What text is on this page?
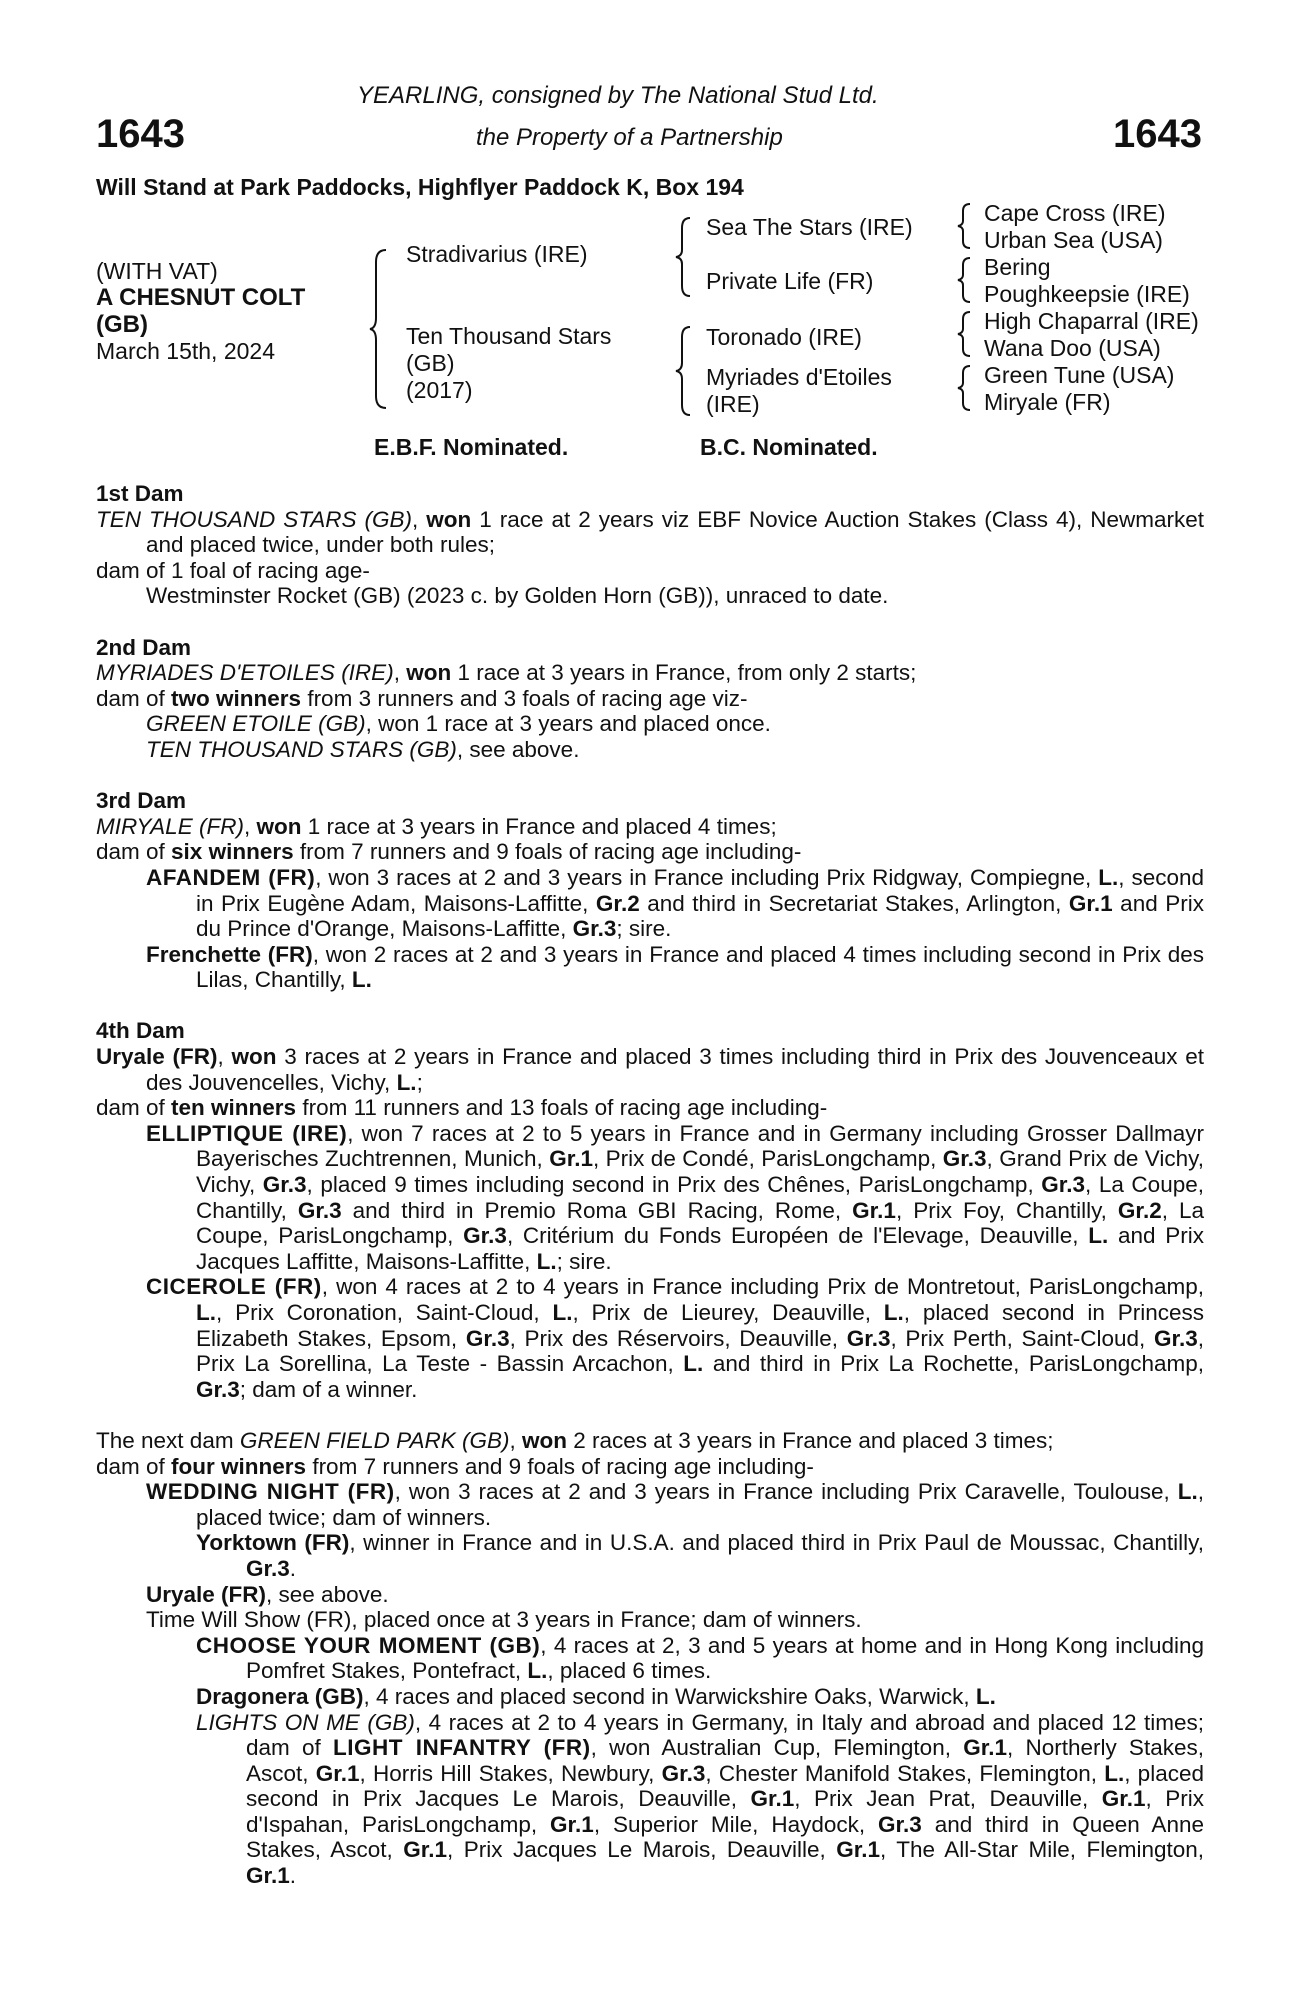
1643	1643
YEARLING, consigned by The National Stud Ltd.
the Property of a Partnership
Will Stand at Park Paddocks, Highflyer Paddock K, Box 194
(WITH VAT)
A CHESNUT COLT
(GB)
March 15th, 2024
Stradivarius (IRE)
Ten Thousand Stars
(GB)
(2017)
Sea The Stars (IRE)
Private Life (FR)
Toronado (IRE)
Myriades d'Etoiles
(IRE)
Cape Cross (IRE)
Urban Sea (USA)
Bering
Poughkeepsie (IRE)
High Chaparral (IRE)
Wana Doo (USA)
Green Tune (USA)
Miryale (FR)
E.B.F. Nominated.	B.C. Nominated.
1st Dam
TEN THOUSAND STARS (GB), won 1 race at 2 years viz EBF Novice Auction Stakes (Class 4), Newmarket and placed twice, under both rules;
dam of 1 foal of racing age-
Westminster Rocket (GB) (2023 c. by Golden Horn (GB)), unraced to date.
2nd Dam
MYRIADES D'ETOILES (IRE), won 1 race at 3 years in France, from only 2 starts;
dam of two winners from 3 runners and 3 foals of racing age viz-
GREEN ETOILE (GB), won 1 race at 3 years and placed once.
TEN THOUSAND STARS (GB), see above.
3rd Dam
MIRYALE (FR), won 1 race at 3 years in France and placed 4 times;
dam of six winners from 7 runners and 9 foals of racing age including-
AFANDEM (FR), won 3 races at 2 and 3 years in France including Prix Ridgway, Compiegne, L., second in Prix Eugène Adam, Maisons-Laffitte, Gr.2 and third in Secretariat Stakes, Arlington, Gr.1 and Prix du Prince d'Orange, Maisons-Laffitte, Gr.3; sire.
Frenchette (FR), won 2 races at 2 and 3 years in France and placed 4 times including second in Prix des Lilas, Chantilly, L.
4th Dam
Uryale (FR), won 3 races at 2 years in France and placed 3 times including third in Prix des Jouvenceaux et des Jouvencelles, Vichy, L.;
dam of ten winners from 11 runners and 13 foals of racing age including-
ELLIPTIQUE (IRE), won 7 races at 2 to 5 years in France and in Germany including Grosser Dallmayr Bayerisches Zuchtrennen, Munich, Gr.1, Prix de Condé, ParisLongchamp, Gr.3, Grand Prix de Vichy, Vichy, Gr.3, placed 9 times including second in Prix des Chênes, ParisLongchamp, Gr.3, La Coupe, Chantilly, Gr.3 and third in Premio Roma GBI Racing, Rome, Gr.1, Prix Foy, Chantilly, Gr.2, La Coupe, ParisLongchamp, Gr.3, Critérium du Fonds Européen de l'Elevage, Deauville, L. and Prix Jacques Laffitte, Maisons-Laffitte, L.; sire.
CICEROLE (FR), won 4 races at 2 to 4 years in France including Prix de Montretout, ParisLongchamp, L., Prix Coronation, Saint-Cloud, L., Prix de Lieurey, Deauville, L., placed second in Princess Elizabeth Stakes, Epsom, Gr.3, Prix des Réservoirs, Deauville, Gr.3, Prix Perth, Saint-Cloud, Gr.3, Prix La Sorellina, La Teste - Bassin Arcachon, L. and third in Prix La Rochette, ParisLongchamp, Gr.3; dam of a winner.
The next dam GREEN FIELD PARK (GB), won 2 races at 3 years in France and placed 3 times;
dam of four winners from 7 runners and 9 foals of racing age including-
WEDDING NIGHT (FR), won 3 races at 2 and 3 years in France including Prix Caravelle, Toulouse, L., placed twice; dam of winners.
Yorktown (FR), winner in France and in U.S.A. and placed third in Prix Paul de Moussac, Chantilly, Gr.3.
Uryale (FR), see above.
Time Will Show (FR), placed once at 3 years in France; dam of winners.
CHOOSE YOUR MOMENT (GB), 4 races at 2, 3 and 5 years at home and in Hong Kong including Pomfret Stakes, Pontefract, L., placed 6 times.
Dragonera (GB), 4 races and placed second in Warwickshire Oaks, Warwick, L.
LIGHTS ON ME (GB), 4 races at 2 to 4 years in Germany, in Italy and abroad and placed 12 times; dam of LIGHT INFANTRY (FR), won Australian Cup, Flemington, Gr.1, Northerly Stakes, Ascot, Gr.1, Horris Hill Stakes, Newbury, Gr.3, Chester Manifold Stakes, Flemington, L., placed second in Prix Jacques Le Marois, Deauville, Gr.1, Prix Jean Prat, Deauville, Gr.1, Prix d'Ispahan, ParisLongchamp, Gr.1, Superior Mile, Haydock, Gr.3 and third in Queen Anne Stakes, Ascot, Gr.1, Prix Jacques Le Marois, Deauville, Gr.1, The All-Star Mile, Flemington, Gr.1.
